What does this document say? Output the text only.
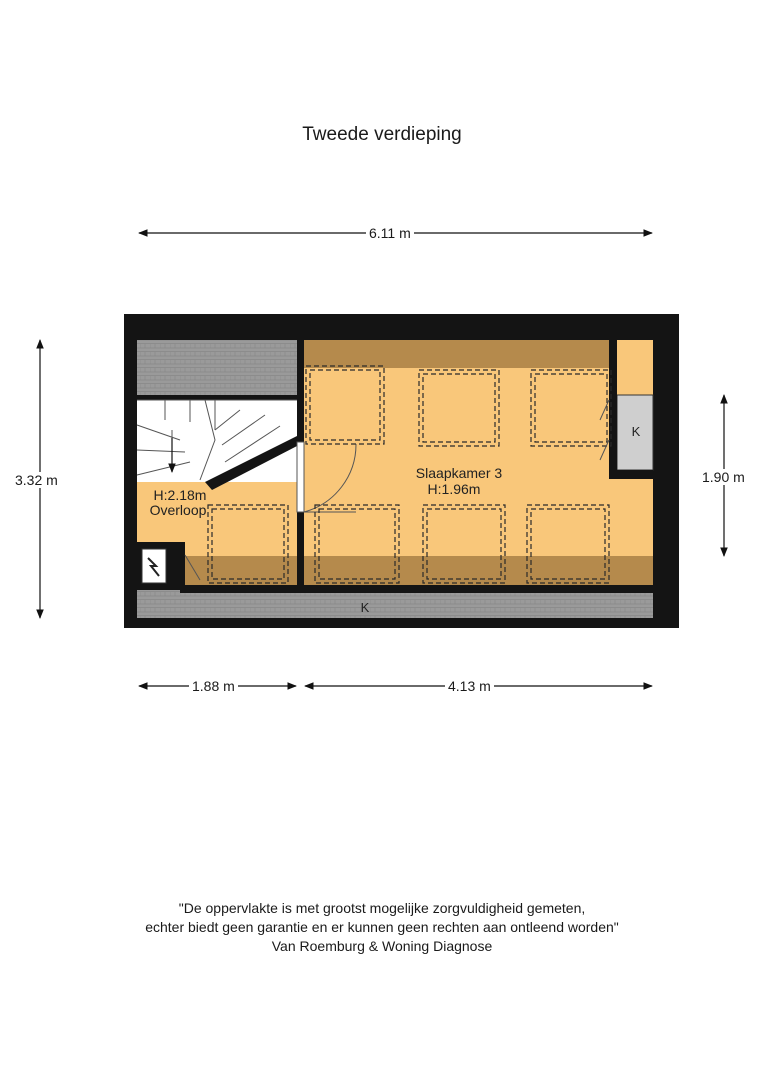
Tweede verdieping
Slaapkamer 3
H:1.96m
H:2.18m
Overloop
K
K
6.11 m
3.32 m	1.90 m
1.88 m	4.13 m
"De oppervlakte is met grootst mogelijke zorgvuldigheid gemeten,
echter biedt geen garantie en er kunnen geen rechten aan ontleend worden"
Van Roemburg & Woning Diagnose
